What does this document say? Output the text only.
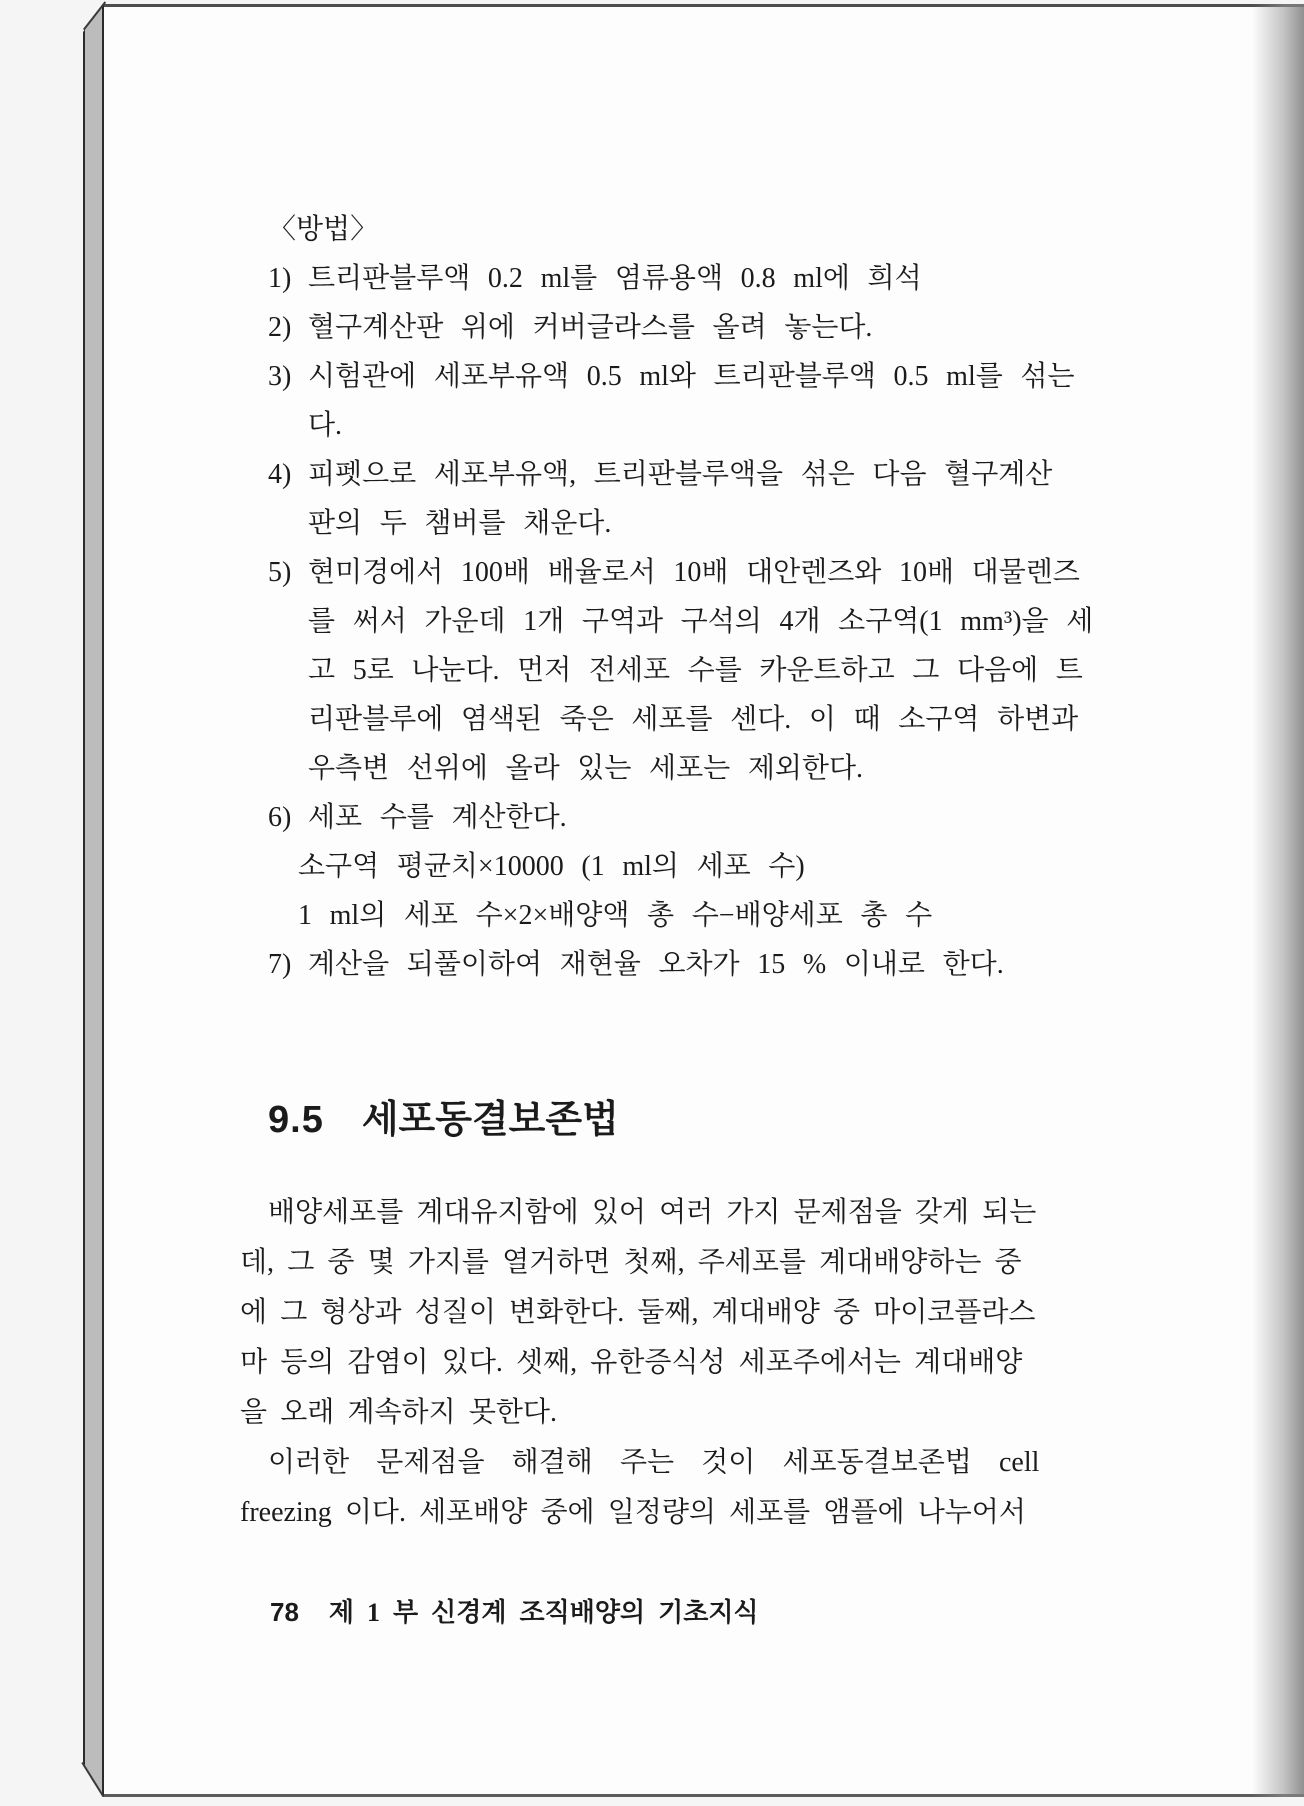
〈방법〉
1) 트리판블루액 0.2 ml를 염류용액 0.8 ml에 희석
2) 혈구계산판 위에 커버글라스를 올려 놓는다.
3) 시험관에 세포부유액 0.5 ml와 트리판블루액 0.5 ml를 섞는
다.
4) 피펫으로 세포부유액, 트리판블루액을 섞은 다음 혈구계산
판의 두 챔버를 채운다.
5) 현미경에서 100배 배율로서 10배 대안렌즈와 10배 대물렌즈
를 써서 가운데 1개 구역과 구석의 4개 소구역(1 mm³)을 세
고 5로 나눈다. 먼저 전세포 수를 카운트하고 그 다음에 트
리판블루에 염색된 죽은 세포를 센다. 이 때 소구역 하변과
우측변 선위에 올라 있는 세포는 제외한다.
6) 세포 수를 계산한다.
소구역 평균치×10000 (1 ml의 세포 수)
1 ml의 세포 수×2×배양액 총 수−배양세포 총 수
7) 계산을 되풀이하여 재현율 오차가 15 % 이내로 한다.
9.5 세포동결보존법
배양세포를 계대유지함에 있어 여러 가지 문제점을 갖게 되는
데, 그 중 몇 가지를 열거하면 첫째, 주세포를 계대배양하는 중
에 그 형상과 성질이 변화한다. 둘째, 계대배양 중 마이코플라스
마 등의 감염이 있다. 셋째, 유한증식성 세포주에서는 계대배양
을 오래 계속하지 못한다.
이러한 문제점을 해결해 주는 것이 세포동결보존법 cell
freezing 이다. 세포배양 중에 일정량의 세포를 앰플에 나누어서
78 제 1 부 신경계 조직배양의 기초지식
